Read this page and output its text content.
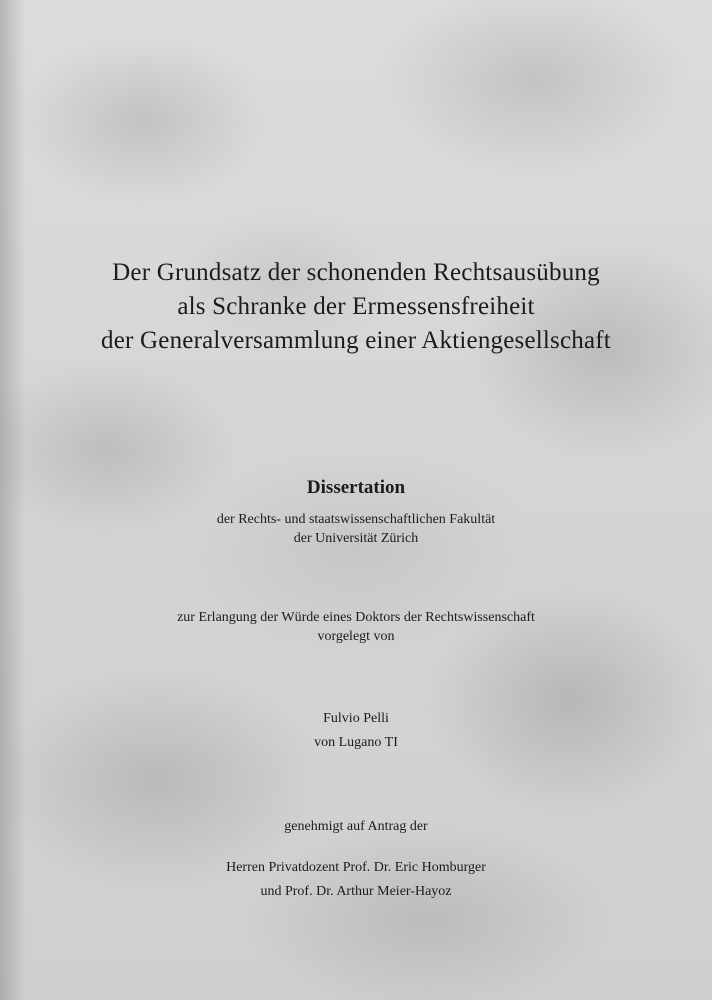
Der Grundsatz der schonenden Rechtsausübung
als Schranke der Ermessensfreiheit
der Generalversammlung einer Aktiengesellschaft
Dissertation
der Rechts- und staatswissenschaftlichen Fakultät
der Universität Zürich
zur Erlangung der Würde eines Doktors der Rechtswissenschaft
vorgelegt von
Fulvio Pelli
von Lugano TI
genehmigt auf Antrag der
Herren Privatdozent Prof. Dr. Eric Homburger
und Prof. Dr. Arthur Meier-Hayoz
